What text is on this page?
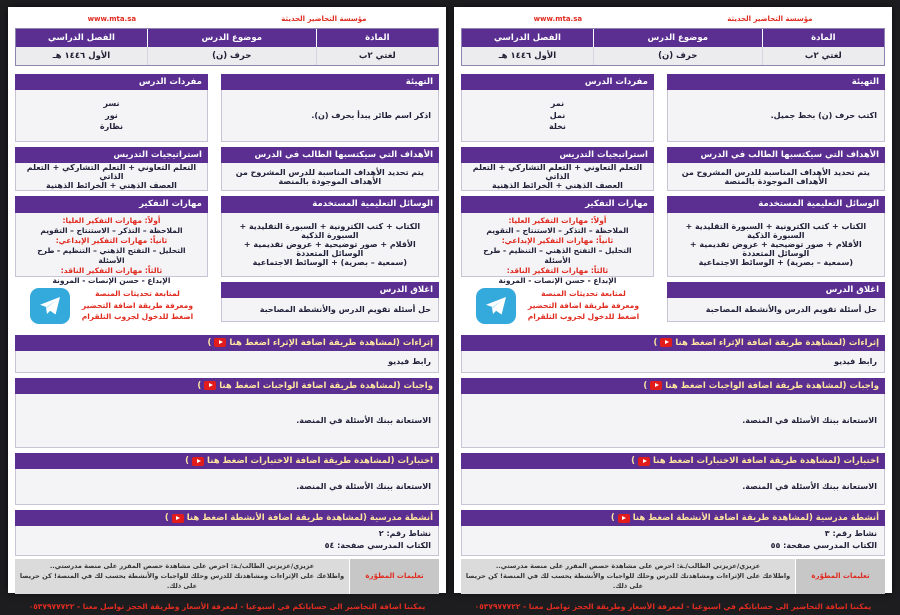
مؤسسة التحاضير الحديثة
www.mta.sa
المادة
موضوع الدرس
الفصل الدراسي
لغتي ٢ب
حرف (ن)
الأول ١٤٤٦ هـ
التهيئة
اذكر اسم طائر يبدأ بحرف (ن).
مفردات الدرس
نسر
نور
نظارة
الأهداف التي سيكتسبها الطالب في الدرس
يتم تحديد الأهداف المناسبة للدرس المشروح من الأهداف الموجودة بالمنصة
استراتيجيات التدريس
التعلم التعاوني + التعلم التشاركي + التعلم الذاتي
العصف الذهني + الخرائط الذهنية
الوسائل التعليمية المستخدمة
الكتاب + كتب الكترونية + السبورة التقليدية + السبورة الذكية
الأقلام + صور توضيحية + عروض تقديمية + الوسائل المتعددة
(سمعية – بصرية) + الوسائط الاجتماعية
مهارات التفكير
أولاً: مهارات التفكير العليا:
الملاحظة – التذكر – الاستنتاج – التقويم
ثانياً: مهارات التفكير الإبداعي:
التحليل – التفتح الذهني – التنظيم - طرح الأسئلة
ثالثاً: مهارات التفكير الناقد:
الإبداع - حسن الإنصات - المرونة
اغلاق الدرس
حل أسئلة تقويم الدرس والأنشطة المصاحبة
لمتابعة تحديثات المنصة
ومعرفة طريقة اضافة التحضير
اضغط للدخول لجروب التلقرام
إثراءات (لمشاهدة طريقة اضافة الإثراء اضغط هنا
)
رابط فيديو
واجبات (لمشاهدة طريقة اضافة الواجبات اضغط هنا
)
الاستعانة ببنك الأسئلة في المنصة.
اختبارات (لمشاهدة طريقة اضافة الاختبارات اضغط هنا
)
الاستعانة ببنك الأسئلة في المنصة.
أنشطة مدرسية (لمشاهدة طريقة اضافة الأنشطة اضغط هنا
)
نشاط رقم: ٢
الكتاب المدرسي صفحة: ٥٤
تعليمات المطوّرة
عزيزي/عزيزتي الطالب/ـة: احرص على مشاهدة حصص المقرر على منصة مدرستي..
واطلاعك على الإثراءات ومشاهدتك للدرس وحلك للواجبات والأنشطة يحسب لك في المنصة! كن حريصا على ذلك.
يمكننا اضافة التحاضير الى حساباتكم في اسبوعيا - لمعرفة الأسعار وطريقة الحجز تواصل معنا - ٠٥٣٧٩٧٧٧٢٢
مؤسسة التحاضير الحديثة
www.mta.sa
المادة
موضوع الدرس
الفصل الدراسي
لغتي ٢ب
حرف (ن)
الأول ١٤٤٦ هـ
التهيئة
اكتب حرف (ن) بخط جميل.
مفردات الدرس
نمر
نمل
نخلة
الأهداف التي سيكتسبها الطالب في الدرس
يتم تحديد الأهداف المناسبة للدرس المشروح من الأهداف الموجودة بالمنصة
استراتيجيات التدريس
التعلم التعاوني + التعلم التشاركي + التعلم الذاتي
العصف الذهني + الخرائط الذهنية
الوسائل التعليمية المستخدمة
الكتاب + كتب الكترونية + السبورة التقليدية + السبورة الذكية
الأقلام + صور توضيحية + عروض تقديمية + الوسائل المتعددة
(سمعية – بصرية) + الوسائط الاجتماعية
مهارات التفكير
أولاً: مهارات التفكير العليا:
الملاحظة – التذكر – الاستنتاج – التقويم
ثانياً: مهارات التفكير الإبداعي:
التحليل – التفتح الذهني – التنظيم - طرح الأسئلة
ثالثاً: مهارات التفكير الناقد:
الإبداع - حسن الإنصات - المرونة
اغلاق الدرس
حل أسئلة تقويم الدرس والأنشطة المصاحبة
لمتابعة تحديثات المنصة
ومعرفة طريقة اضافة التحضير
اضغط للدخول لجروب التلقرام
إثراءات (لمشاهدة طريقة اضافة الإثراء اضغط هنا
)
رابط فيديو
واجبات (لمشاهدة طريقة اضافة الواجبات اضغط هنا
)
الاستعانة ببنك الأسئلة في المنصة.
اختبارات (لمشاهدة طريقة اضافة الاختبارات اضغط هنا
)
الاستعانة ببنك الأسئلة في المنصة.
أنشطة مدرسية (لمشاهدة طريقة اضافة الأنشطة اضغط هنا
)
نشاط رقم: ٣
الكتاب المدرسي صفحة: ٥٥
تعليمات المطوّرة
عزيزي/عزيزتي الطالب/ـة: احرص على مشاهدة حصص المقرر على منصة مدرستي..
واطلاعك على الإثراءات ومشاهدتك للدرس وحلك للواجبات والأنشطة يحسب لك في المنصة! كن حريصا على ذلك.
يمكننا اضافة التحاضير الى حساباتكم في اسبوعيا - لمعرفة الأسعار وطريقة الحجز تواصل معنا - ٠٥٣٧٩٧٧٧٢٢
